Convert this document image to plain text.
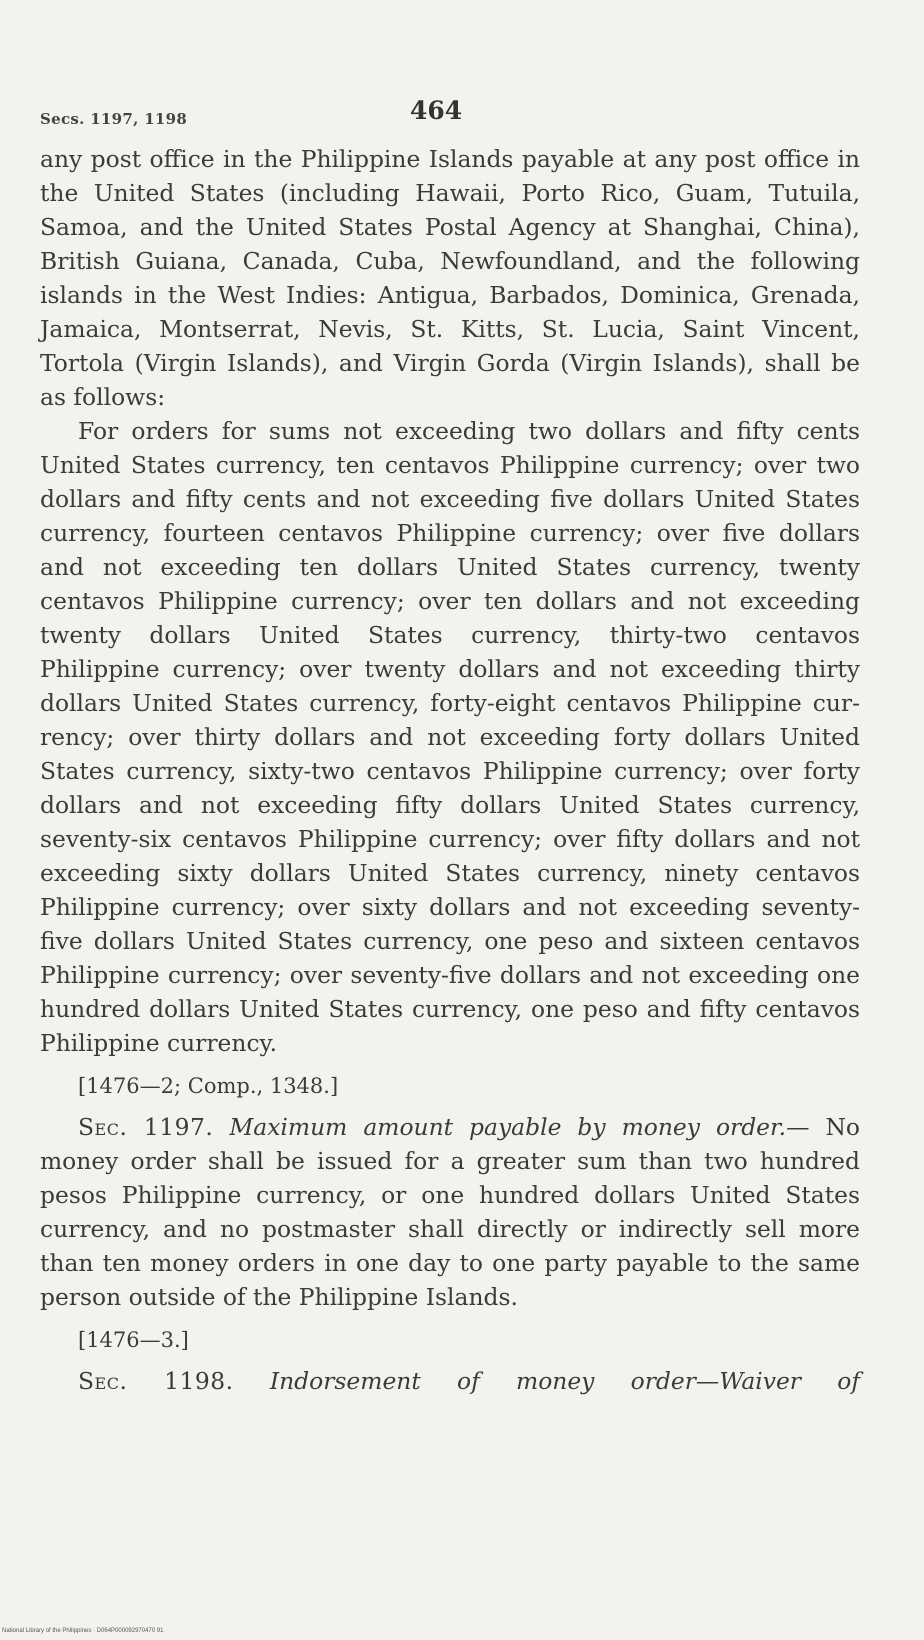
Secs. 1197, 1198	464

any post office in the Philippine Islands payable at any post office in the United States (including Hawaii, Porto Rico, Guam, Tutuila, Samoa, and the United States Postal Agency at Shanghai, China), British Guiana, Canada, Cuba, Newfoundland, and the following islands in the West Indies: Antigua, Barbados, Dominica, Grenada, Jamaica, Montserrat, Nevis, St. Kitts, St. Lucia, Saint Vincent, Tortola (Virgin Islands), and Virgin Gorda (Virgin Islands), shall be as follows:

For orders for sums not exceeding two dollars and fifty cents United States currency, ten centavos Philippine currency; over two dollars and fifty cents and not exceeding five dollars United States currency, fourteen centavos Philippine currency; over five dollars and not exceeding ten dollars United States currency, twenty centavos Philippine currency; over ten dollars and not exceeding twenty dollars United States currency, thirty-two centavos Philippine currency; over twenty dollars and not exceeding thirty dollars United States currency, forty-eight centavos Philippine currency; over thirty dollars and not exceeding forty dollars United States currency, sixty-two centavos Philippine currency; over forty dollars and not exceeding fifty dollars United States currency, seventy-six centavos Philippine currency; over fifty dollars and not exceeding sixty dollars United States currency, ninety centavos Philippine currency; over sixty dollars and not exceeding seventy-five dollars United States currency, one peso and sixteen centavos Philippine currency; over seventy-five dollars and not exceeding one hundred dollars United States currency, one peso and fifty centavos Philippine currency.

[1476—2; Comp., 1348.]

Sec. 1197. Maximum amount payable by money order.— No money order shall be issued for a greater sum than two hundred pesos Philippine currency, or one hundred dollars United States currency, and no postmaster shall directly or indirectly sell more than ten money orders in one day to one party payable to the same person outside of the Philippine Islands.

[1476—3.]

Sec. 1198. Indorsement of money order—Waiver of

National Library of the Philippines · D064P000092970470 91
